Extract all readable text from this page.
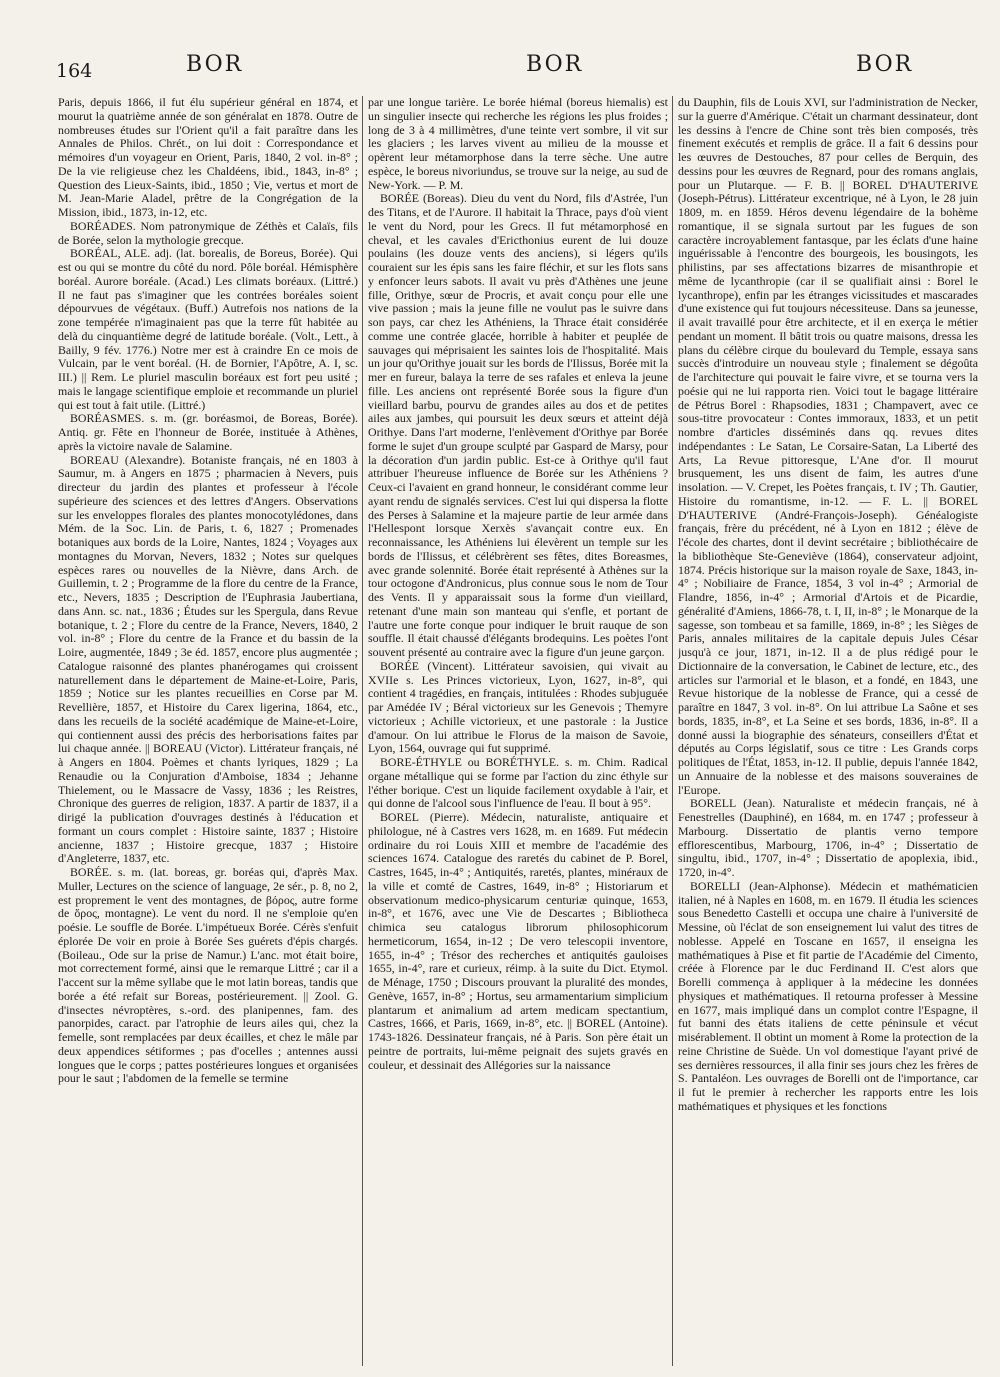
164	BOR	BOR	BOR

Paris, depuis 1866, il fut élu supérieur général en 1874, et mourut la quatrième année de son généralat en 1878. Outre de nombreuses études sur l'Orient qu'il a fait paraître dans les Annales de Philos. Chrét., on lui doit : Correspondance et mémoires d'un voyageur en Orient, Paris, 1840, 2 vol. in-8° ; De la vie religieuse chez les Chaldéens, ibid., 1843, in-8° ; Question des Lieux-Saints, ibid., 1850 ; Vie, vertus et mort de M. Jean-Marie Aladel, prêtre de la Congrégation de la Mission, ibid., 1873, in-12, etc.

BORÉADES. Nom patronymique de Zéthès et Calaïs, fils de Borée, selon la mythologie grecque.

BORÉAL, ALE. adj. (lat. borealis, de Boreus, Borée). Qui est ou qui se montre du côté du nord. Pôle boréal. Hémisphère boréal. Aurore boréale. (Acad.) Les climats boréaux. (Littré.) Il ne faut pas s'imaginer que les contrées boréales soient dépourvues de végétaux. (Buff.) Autrefois nos nations de la zone tempérée n'imaginaient pas que la terre fût habitée au delà du cinquantième degré de latitude boréale. (Volt., Lett., à Bailly, 9 fév. 1776.) Notre mer est à craindre En ce mois de Vulcain, par le vent boréal. (H. de Bornier, l'Apôtre, A. I, sc. III.) || Rem. Le pluriel masculin boréaux est fort peu usité ; mais le langage scientifique emploie et recommande un pluriel qui est tout à fait utile. (Littré.)

BORÉASMES. s. m. (gr. boréasmoi, de Boreas, Borée). Antiq. gr. Fête en l'honneur de Borée, instituée à Athènes, après la victoire navale de Salamine.

BOREAU (Alexandre). Botaniste français, né en 1803 à Saumur, m. à Angers en 1875 ; pharmacien à Nevers, puis directeur du jardin des plantes et professeur à l'école supérieure des sciences et des lettres d'Angers. Observations sur les enveloppes florales des plantes monocotylédones, dans Mém. de la Soc. Lin. de Paris, t. 6, 1827 ; Promenades botaniques aux bords de la Loire, Nantes, 1824 ; Voyages aux montagnes du Morvan, Nevers, 1832 ; Notes sur quelques espèces rares ou nouvelles de la Nièvre, dans Arch. de Guillemin, t. 2 ; Programme de la flore du centre de la France, etc., Nevers, 1835 ; Description de l'Euphrasia Jaubertiana, dans Ann. sc. nat., 1836 ; Études sur les Spergula, dans Revue botanique, t. 2 ; Flore du centre de la France, Nevers, 1840, 2 vol. in-8° ; Flore du centre de la France et du bassin de la Loire, augmentée, 1849 ; 3e éd. 1857, encore plus augmentée ; Catalogue raisonné des plantes phanérogames qui croissent naturellement dans le département de Maine-et-Loire, Paris, 1859 ; Notice sur les plantes recueillies en Corse par M. Revellière, 1857, et Histoire du Carex ligerina, 1864, etc., dans les recueils de la société académique de Maine-et-Loire, qui contiennent aussi des précis des herborisations faites par lui chaque année. || BOREAU (Victor). Littérateur français, né à Angers en 1804. Poèmes et chants lyriques, 1829 ; La Renaudie ou la Conjuration d'Amboise, 1834 ; Jehanne Thielement, ou le Massacre de Vassy, 1836 ; les Reistres, Chronique des guerres de religion, 1837. A partir de 1837, il a dirigé la publication d'ouvrages destinés à l'éducation et formant un cours complet : Histoire sainte, 1837 ; Histoire ancienne, 1837 ; Histoire grecque, 1837 ; Histoire d'Angleterre, 1837, etc.

BORÉE. s. m. (lat. boreas, gr. boréas qui, d'après Max. Muller, Lectures on the science of language, 2e sér., p. 8, no 2, est proprement le vent des montagnes, de βόρος, autre forme de ὄρος, montagne). Le vent du nord. Il ne s'emploie qu'en poésie. Le souffle de Borée. L'impétueux Borée. Cérès s'enfuit éplorée De voir en proie à Borée Ses guérets d'épis chargés. (Boileau., Ode sur la prise de Namur.) L'anc. mot était boire, mot correctement formé, ainsi que le remarque Littré ; car il a l'accent sur la même syllabe que le mot latin boreas, tandis que borée a été refait sur Boreas, postérieurement. || Zool. G. d'insectes névroptères, s.-ord. des planipennes, fam. des panorpides, caract. par l'atrophie de leurs ailes qui, chez la femelle, sont remplacées par deux écailles, et chez le mâle par deux appendices sétiformes ; pas d'ocelles ; antennes aussi longues que le corps ; pattes postérieures longues et organisées pour le saut ; l'abdomen de la femelle se termine

par une longue tarière. Le borée hiémal (boreus hiemalis) est un singulier insecte qui recherche les régions les plus froides ; long de 3 à 4 millimètres, d'une teinte vert sombre, il vit sur les glaciers ; les larves vivent au milieu de la mousse et opèrent leur métamorphose dans la terre sèche. Une autre espèce, le boreus nivoriundus, se trouve sur la neige, au sud de New-York. — P. M.

BORÉE (Boreas). Dieu du vent du Nord, fils d'Astrée, l'un des Titans, et de l'Aurore. Il habitait la Thrace, pays d'où vient le vent du Nord, pour les Grecs. Il fut métamorphosé en cheval, et les cavales d'Ericthonius eurent de lui douze poulains (les douze vents des anciens), si légers qu'ils couraient sur les épis sans les faire fléchir, et sur les flots sans y enfoncer leurs sabots. Il avait vu près d'Athènes une jeune fille, Orithye, sœur de Procris, et avait conçu pour elle une vive passion ; mais la jeune fille ne voulut pas le suivre dans son pays, car chez les Athéniens, la Thrace était considérée comme une contrée glacée, horrible à habiter et peuplée de sauvages qui méprisaient les saintes lois de l'hospitalité. Mais un jour qu'Orithye jouait sur les bords de l'Ilissus, Borée mit la mer en fureur, balaya la terre de ses rafales et enleva la jeune fille. Les anciens ont représenté Borée sous la figure d'un vieillard barbu, pourvu de grandes ailes au dos et de petites ailes aux jambes, qui poursuit les deux sœurs et atteint déjà Orithye. Dans l'art moderne, l'enlèvement d'Orithye par Borée forme le sujet d'un groupe sculpté par Gaspard de Marsy, pour la décoration d'un jardin public. Est-ce à Orithye qu'il faut attribuer l'heureuse influence de Borée sur les Athéniens ? Ceux-ci l'avaient en grand honneur, le considérant comme leur ayant rendu de signalés services. C'est lui qui dispersa la flotte des Perses à Salamine et la majeure partie de leur armée dans l'Hellespont lorsque Xerxès s'avançait contre eux. En reconnaissance, les Athéniens lui élevèrent un temple sur les bords de l'Ilissus, et célébrèrent ses fêtes, dites Boreasmes, avec grande solennité. Borée était représenté à Athènes sur la tour octogone d'Andronicus, plus connue sous le nom de Tour des Vents. Il y apparaissait sous la forme d'un vieillard, retenant d'une main son manteau qui s'enfle, et portant de l'autre une forte conque pour indiquer le bruit rauque de son souffle. Il était chaussé d'élégants brodequins. Les poètes l'ont souvent présenté au contraire avec la figure d'un jeune garçon.

BORÉE (Vincent). Littérateur savoisien, qui vivait au XVIIe s. Les Princes victorieux, Lyon, 1627, in-8°, qui contient 4 tragédies, en français, intitulées : Rhodes subjuguée par Amédée IV ; Béral victorieux sur les Genevois ; Themyre victorieux ; Achille victorieux, et une pastorale : la Justice d'amour. On lui attribue le Florus de la maison de Savoie, Lyon, 1564, ouvrage qui fut supprimé.

BORE-ÉTHYLE ou BORÉTHYLE. s. m. Chim. Radical organe métallique qui se forme par l'action du zinc éthyle sur l'éther borique. C'est un liquide facilement oxydable à l'air, et qui donne de l'alcool sous l'influence de l'eau. Il bout à 95°.

BOREL (Pierre). Médecin, naturaliste, antiquaire et philologue, né à Castres vers 1628, m. en 1689. Fut médecin ordinaire du roi Louis XIII et membre de l'académie des sciences 1674. Catalogue des raretés du cabinet de P. Borel, Castres, 1645, in-4° ; Antiquités, raretés, plantes, minéraux de la ville et comté de Castres, 1649, in-8° ; Historiarum et observationum medico-physicarum centuriæ quinque, 1653, in-8°, et 1676, avec une Vie de Descartes ; Bibliotheca chimica seu catalogus librorum philosophicorum hermeticorum, 1654, in-12 ; De vero telescopii inventore, 1655, in-4° ; Trésor des recherches et antiquités gauloises 1655, in-4°, rare et curieux, réimp. à la suite du Dict. Etymol. de Ménage, 1750 ; Discours prouvant la pluralité des mondes, Genève, 1657, in-8° ; Hortus, seu armamentarium simplicium plantarum et animalium ad artem medicam spectantium, Castres, 1666, et Paris, 1669, in-8°, etc. || BOREL (Antoine). 1743-1826. Dessinateur français, né à Paris. Son père était un peintre de portraits, lui-même peignait des sujets gravés en couleur, et dessinait des Allégories sur la naissance

du Dauphin, fils de Louis XVI, sur l'administration de Necker, sur la guerre d'Amérique. C'était un charmant dessinateur, dont les dessins à l'encre de Chine sont très bien composés, très finement exécutés et remplis de grâce. Il a fait 6 dessins pour les œuvres de Destouches, 87 pour celles de Berquin, des dessins pour les œuvres de Regnard, pour des romans anglais, pour un Plutarque. — F. B. || BOREL D'HAUTERIVE (Joseph-Pétrus). Littérateur excentrique, né à Lyon, le 28 juin 1809, m. en 1859. Héros devenu légendaire de la bohème romantique, il se signala surtout par les fugues de son caractère incroyablement fantasque, par les éclats d'une haine inguérissable à l'encontre des bourgeois, les bousingots, les philistins, par ses affectations bizarres de misanthropie et même de lycanthropie (car il se qualifiait ainsi : Borel le lycanthrope), enfin par les étranges vicissitudes et mascarades d'une existence qui fut toujours nécessiteuse. Dans sa jeunesse, il avait travaillé pour être architecte, et il en exerça le métier pendant un moment. Il bâtit trois ou quatre maisons, dressa les plans du célèbre cirque du boulevard du Temple, essaya sans succès d'introduire un nouveau style ; finalement se dégoûta de l'architecture qui pouvait le faire vivre, et se tourna vers la poésie qui ne lui rapporta rien. Voici tout le bagage littéraire de Pétrus Borel : Rhapsodies, 1831 ; Champavert, avec ce sous-titre provocateur : Contes immoraux, 1833, et un petit nombre d'articles disséminés dans qq. revues dites indépendantes : Le Satan, Le Corsaire-Satan, La Liberté des Arts, La Revue pittoresque, L'Ane d'or. Il mourut brusquement, les uns disent de faim, les autres d'une insolation. — V. Crepet, les Poètes français, t. IV ; Th. Gautier, Histoire du romantisme, in-12. — F. L. || BOREL D'HAUTERIVE (André-François-Joseph). Généalogiste français, frère du précédent, né à Lyon en 1812 ; élève de l'école des chartes, dont il devint secrétaire ; bibliothécaire de la bibliothèque Ste-Geneviève (1864), conservateur adjoint, 1874. Précis historique sur la maison royale de Saxe, 1843, in-4° ; Nobiliaire de France, 1854, 3 vol in-4° ; Armorial de Flandre, 1856, in-4° ; Armorial d'Artois et de Picardie, généralité d'Amiens, 1866-78, t. I, II, in-8° ; le Monarque de la sagesse, son tombeau et sa famille, 1869, in-8° ; les Sièges de Paris, annales militaires de la capitale depuis Jules César jusqu'à ce jour, 1871, in-12. Il a de plus rédigé pour le Dictionnaire de la conversation, le Cabinet de lecture, etc., des articles sur l'armorial et le blason, et a fondé, en 1843, une Revue historique de la noblesse de France, qui a cessé de paraître en 1847, 3 vol. in-8°. On lui attribue La Saône et ses bords, 1835, in-8°, et La Seine et ses bords, 1836, in-8°. Il a donné aussi la biographie des sénateurs, conseillers d'État et députés au Corps législatif, sous ce titre : Les Grands corps politiques de l'État, 1853, in-12. Il publie, depuis l'année 1842, un Annuaire de la noblesse et des maisons souveraines de l'Europe.

BORELL (Jean). Naturaliste et médecin français, né à Fenestrelles (Dauphiné), en 1684, m. en 1747 ; professeur à Marbourg. Dissertatio de plantis verno tempore efflorescentibus, Marbourg, 1706, in-4° ; Dissertatio de singultu, ibid., 1707, in-4° ; Dissertatio de apoplexia, ibid., 1720, in-4°.

BORELLI (Jean-Alphonse). Médecin et mathématicien italien, né à Naples en 1608, m. en 1679. Il étudia les sciences sous Benedetto Castelli et occupa une chaire à l'université de Messine, où l'éclat de son enseignement lui valut des titres de noblesse. Appelé en Toscane en 1657, il enseigna les mathématiques à Pise et fit partie de l'Académie del Cimento, créée à Florence par le duc Ferdinand II. C'est alors que Borelli commença à appliquer à la médecine les données physiques et mathématiques. Il retourna professer à Messine en 1677, mais impliqué dans un complot contre l'Espagne, il fut banni des états italiens de cette péninsule et vécut misérablement. Il obtint un moment à Rome la protection de la reine Christine de Suède. Un vol domestique l'ayant privé de ses dernières ressources, il alla finir ses jours chez les frères de S. Pantaléon. Les ouvrages de Borelli ont de l'importance, car il fut le premier à rechercher les rapports entre les lois mathématiques et physiques et les fonctions
